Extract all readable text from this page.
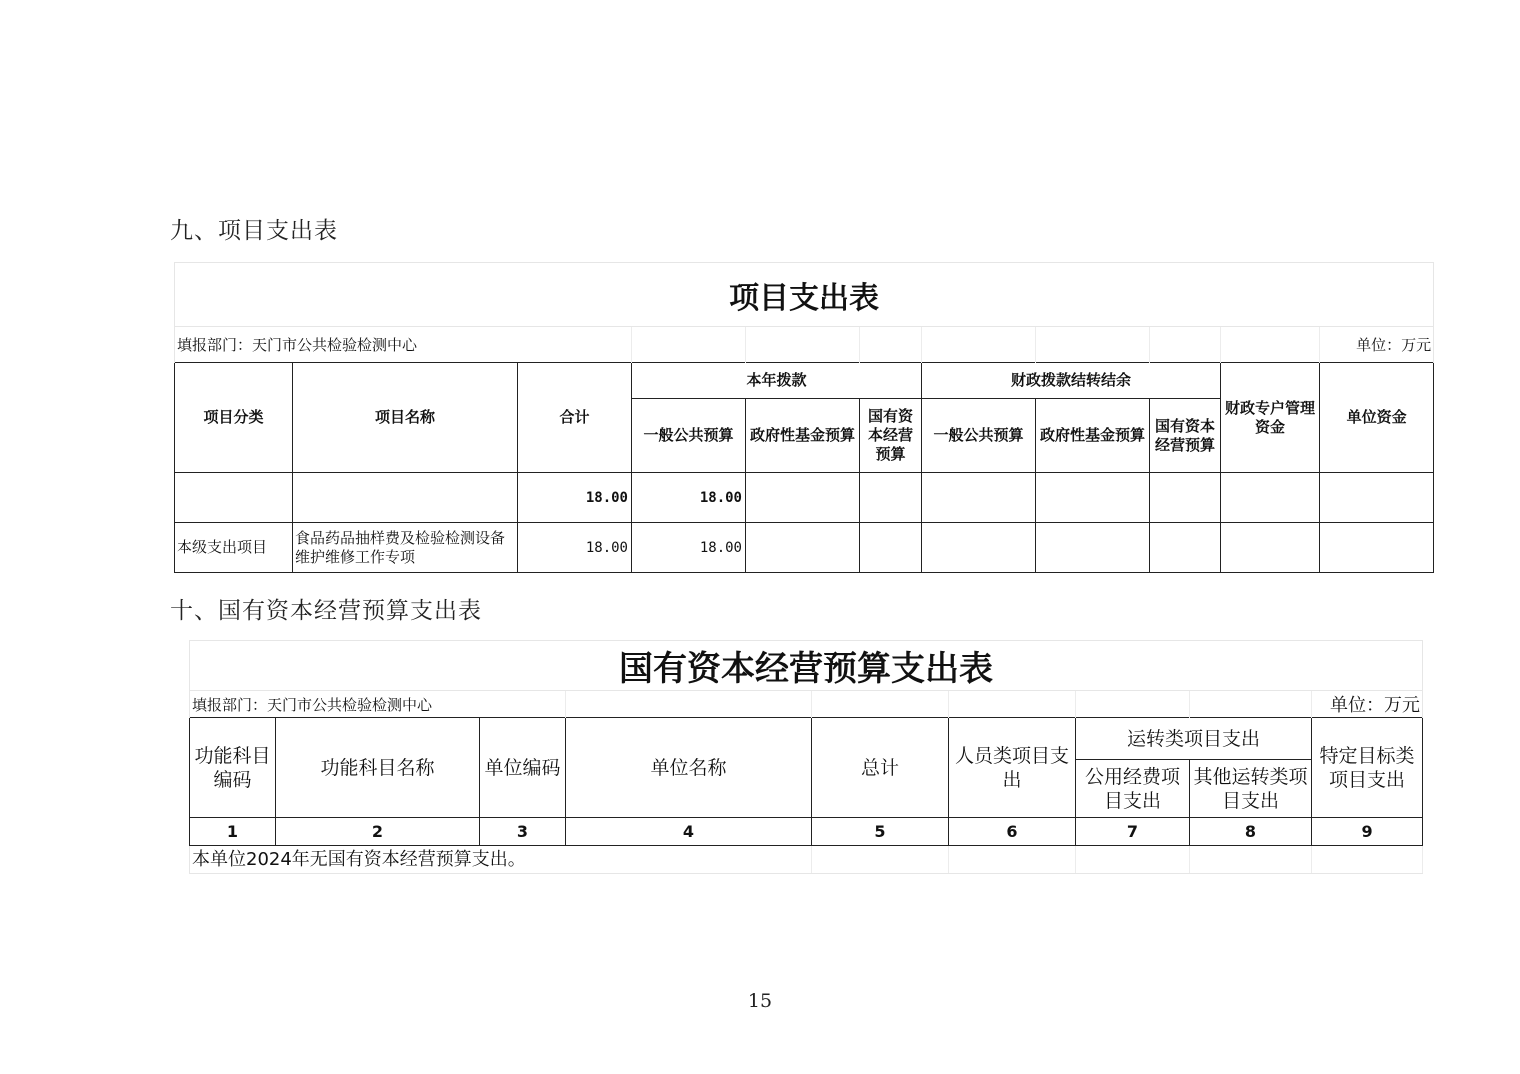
九、项目支出表
项目支出表										
填报部门：天门市公共检验检测中心										单位：万元
项目分类	项目名称	合计	本年拨款			财政拨款结转结余			财政专户管理资金	单位资金
			一般公共预算	政府性基金预算	国有资本经营预算	一般公共预算	政府性基金预算	国有资本经营预算		
		18.00	18.00							
本级支出项目	食品药品抽样费及检验检测设备维护维修工作专项	18.00	18.00							
十、国有资本经营预算支出表
国有资本经营预算支出表								
填报部门：天门市公共检验检测中心								单位：万元
功能科目编码	功能科目名称	单位编码	单位名称	总计	人员类项目支出	运转类项目支出		特定目标类项目支出
						公用经费项目支出	其他运转类项目支出	
1	2	3	4	5	6	7	8	9
本单位2024年无国有资本经营预算支出。								
15
